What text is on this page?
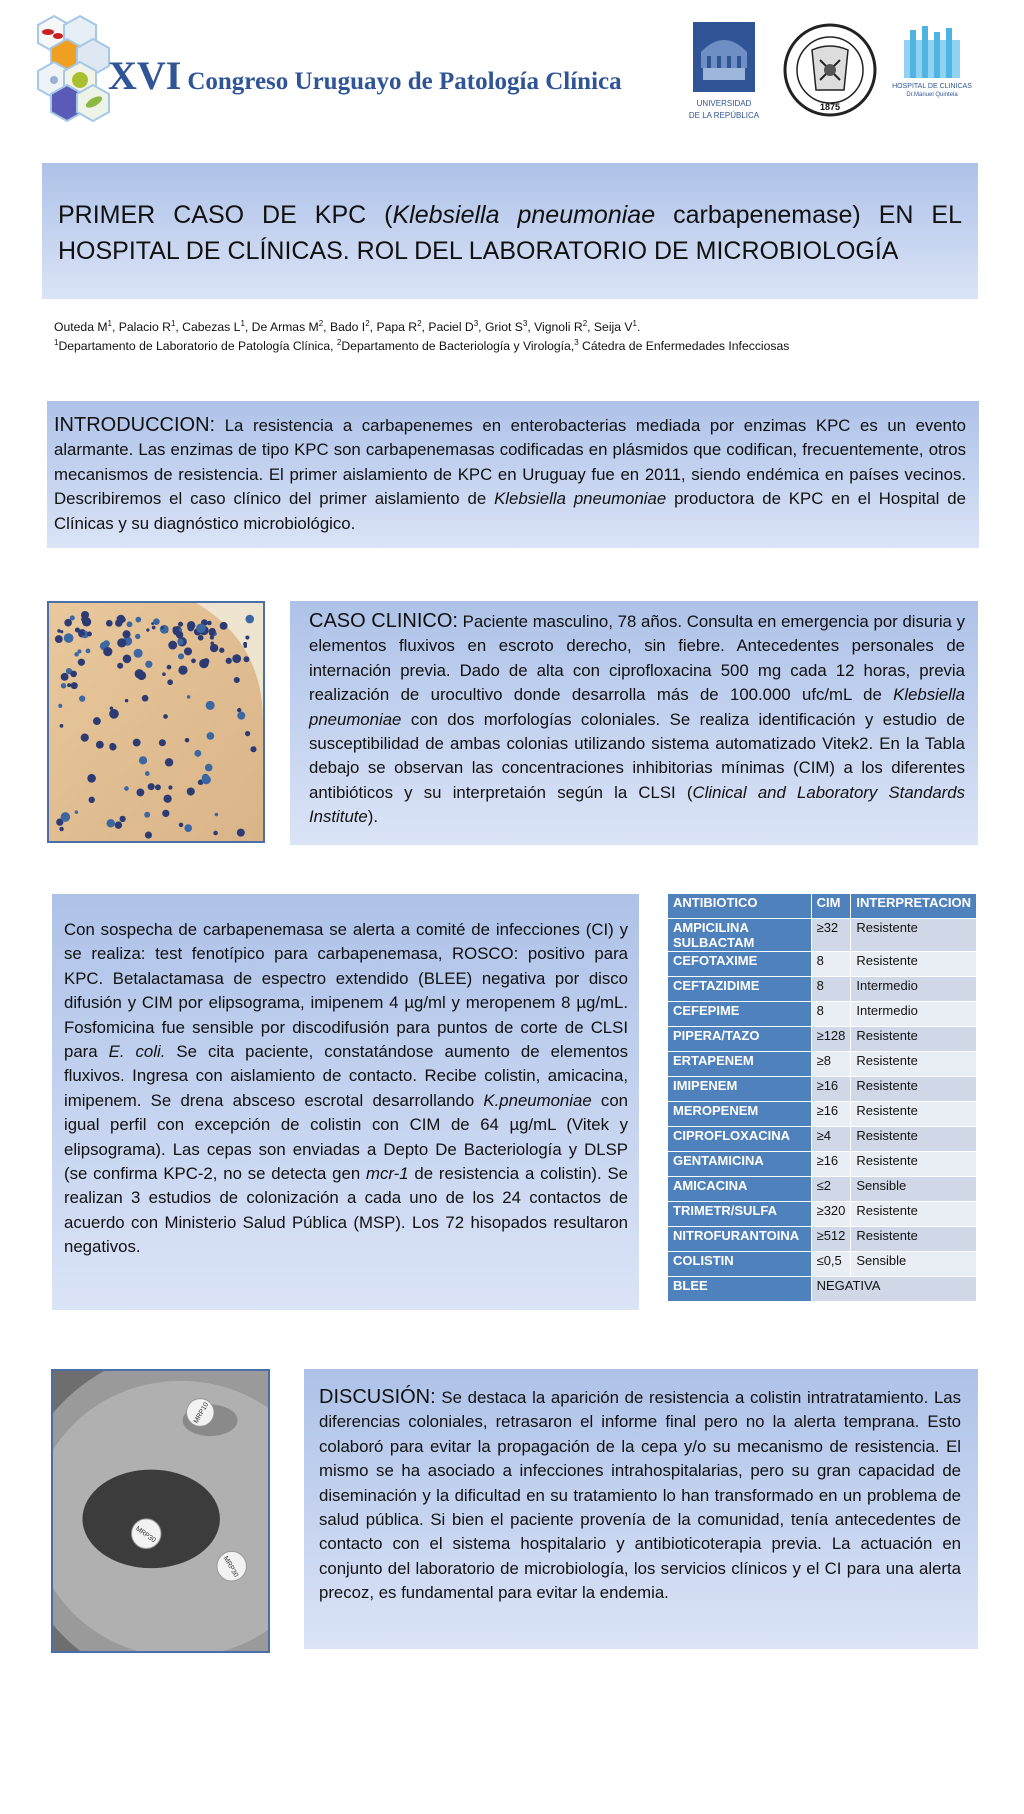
XVI Congreso Uruguayo de Patología Clínica
UNIVERSIDAD
DE LA REPÚBLICA
1875
HOSPITAL DE CLINICAS
Dr.Manuel Quintela
PRIMER CASO DE KPC (Klebsiella pneumoniae carbapenemase) EN EL
HOSPITAL DE CLÍNICAS. ROL DEL LABORATORIO DE MICROBIOLOGÍA
Outeda $M^1$, Palacio $R^1$, Cabezas $L^1$, De Armas $M^2$, Bado $I^2$, Papa $R^2$, Paciel $D^3$, Griot $S^3$, Vignoli $R^2$, Seija $V^1$.
$^1$Departamento de Laboratorio de Patología Clínica, $^2$Departamento de Bacteriología y Virología,$^3$ Cátedra de Enfermedades Infecciosas
INTRODUCCION: La resistencia a carbapenemes en enterobacterias mediada por enzimas KPC es un evento alarmante. Las enzimas de tipo KPC son carbapenemasas codificadas en plásmidos que codifican, frecuentemente, otros mecanismos de resistencia. El primer aislamiento de KPC en Uruguay fue en 2011, siendo endémica en países vecinos. Describiremos el caso clínico del primer aislamiento de Klebsiella pneumoniae productora de KPC en el Hospital de Clínicas y su diagnóstico microbiológico.
CASO CLINICO: Paciente masculino, 78 años. Consulta en emergencia por disuria y elementos fluxivos en escroto derecho, sin fiebre. Antecedentes personales de internación previa. Dado de alta con ciprofloxacina 500 mg cada 12 horas, previa realización de urocultivo donde desarrolla más de 100.000 ufc/mL de Klebsiella pneumoniae con dos morfologías coloniales. Se realiza identificación y estudio de susceptibilidad de ambas colonias utilizando sistema automatizado Vitek2. En la Tabla debajo se observan las concentraciones inhibitorias mínimas (CIM) a los diferentes antibióticos y su interpretaión según la CLSI (Clinical and Laboratory Standards Institute).
Con sospecha de carbapenemasa se alerta a comité de infecciones (CI) y se realiza: test fenotípico para carbapenemasa, ROSCO: positivo para KPC. Betalactamasa de espectro extendido (BLEE) negativa por disco difusión y CIM por elipsograma, imipenem 4 µg/ml y meropenem 8 µg/mL. Fosfomicina fue sensible por discodifusión para puntos de corte de CLSI para E. coli. Se cita paciente, constatándose aumento de elementos fluxivos. Ingresa con aislamiento de contacto. Recibe colistin, amicacina, imipenem. Se drena absceso escrotal desarrollando K.pneumoniae con igual perfil con excepción de colistin con CIM de 64 µg/mL (Vitek y elipsograma). Las cepas son enviadas a Depto De Bacteriología y DLSP (se confirma KPC-2, no se detecta gen mcr-1 de resistencia a colistin). Se realizan 3 estudios de colonización a cada uno de los 24 contactos de acuerdo con Ministerio Salud Pública (MSP). Los 72 hisopados resultaron negativos.
ANTIBIOTICO	CIM	INTERPRETACION
AMPICILINA SULBACTAM	≥32	Resistente
CEFOTAXIME	8	Resistente
CEFTAZIDIME	8	Intermedio
CEFEPIME	8	Intermedio
PIPERA/TAZO	≥128	Resistente
ERTAPENEM	≥8	Resistente
IMIPENEM	≥16	Resistente
MEROPENEM	≥16	Resistente
CIPROFLOXACINA	≥4	Resistente
GENTAMICINA	≥16	Resistente
AMICACINA	≤2	Sensible
TRIMETR/SULFA	≥320	Resistente
NITROFURANTOINA	≥512	Resistente
COLISTIN	≤0,5	Sensible
BLEE	NEGATIVA	
MRP10
MRP30
MRP30
DISCUSIÓN: Se destaca la aparición de resistencia a colistin intratratamiento. Las diferencias coloniales, retrasaron el informe final pero no la alerta temprana. Esto colaboró para evitar la propagación de la cepa y/o su mecanismo de resistencia. El mismo se ha asociado a infecciones intrahospitalarias, pero su gran capacidad de diseminación y la dificultad en su tratamiento lo han transformado en un problema de salud pública. Si bien el paciente provenía de la comunidad, tenía antecedentes de contacto con el sistema hospitalario y antibioticoterapia previa. La actuación en conjunto del laboratorio de microbiología, los servicios clínicos y el CI para una alerta precoz, es fundamental para evitar la endemia.
